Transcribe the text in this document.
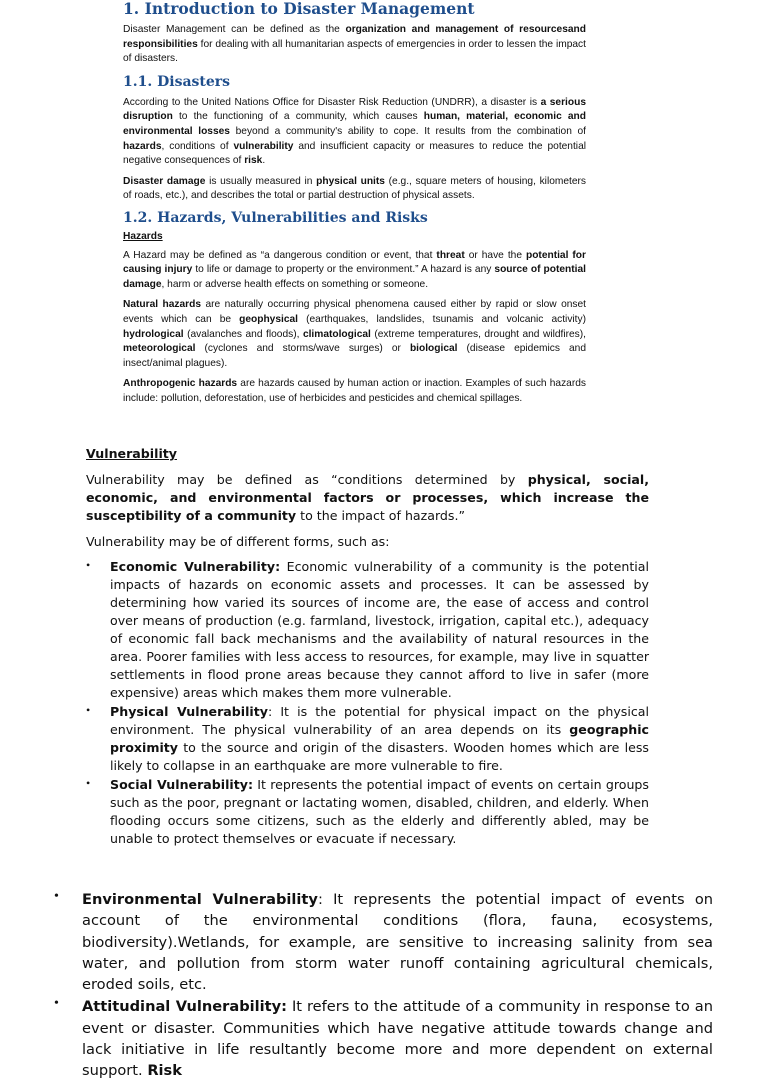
1. Introduction to Disaster Management

Disaster Management can be defined as the organization and management of resourcesand responsibilities for dealing with all humanitarian aspects of emergencies in order to lessen the impact of disasters.

1.1. Disasters

According to the United Nations Office for Disaster Risk Reduction (UNDRR), a disaster is a serious disruption to the functioning of a community, which causes human, material, economic and environmental losses beyond a community's ability to cope. It results from the combination of hazards, conditions of vulnerability and insufficient capacity or measures to reduce the potential negative consequences of risk.

Disaster damage is usually measured in physical units (e.g., square meters of housing, kilometers of roads, etc.), and describes the total or partial destruction of physical assets.

1.2. Hazards, Vulnerabilities and Risks

Hazards

A Hazard may be defined as “a dangerous condition or event, that threat or have the potential for causing injury to life or damage to property or the environment.” A hazard is any source of potential damage, harm or adverse health effects on something or someone.

Natural hazards are naturally occurring physical phenomena caused either by rapid or slow onset events which can be geophysical (earthquakes, landslides, tsunamis and volcanic activity) hydrological (avalanches and floods), climatological (extreme temperatures, drought and wildfires), meteorological (cyclones and storms/wave surges) or biological (disease epidemics and insect/animal plagues).

Anthropogenic hazards are hazards caused by human action or inaction. Examples of such hazards include: pollution, deforestation, use of herbicides and pesticides and chemical spillages.

Vulnerability

Vulnerability may be defined as “conditions determined by physical, social, economic, and environmental factors or processes, which increase the susceptibility of a community to the impact of hazards.”

Vulnerability may be of different forms, such as:

• Economic Vulnerability: Economic vulnerability of a community is the potential impacts of hazards on economic assets and processes. It can be assessed by determining how varied its sources of income are, the ease of access and control over means of production (e.g. farmland, livestock, irrigation, capital etc.), adequacy of economic fall back mechanisms and the availability of natural resources in the area. Poorer families with less access to resources, for example, may live in squatter settlements in flood prone areas because they cannot afford to live in safer (more expensive) areas which makes them more vulnerable.

• Physical Vulnerability: It is the potential for physical impact on the physical environment. The physical vulnerability of an area depends on its geographic proximity to the source and origin of the disasters. Wooden homes which are less likely to collapse in an earthquake are more vulnerable to fire.

• Social Vulnerability: It represents the potential impact of events on certain groups such as the poor, pregnant or lactating women, disabled, children, and elderly. When flooding occurs some citizens, such as the elderly and differently abled, may be unable to protect themselves or evacuate if necessary.

• Environmental Vulnerability: It represents the potential impact of events on account of the environmental conditions (flora, fauna, ecosystems, biodiversity).Wetlands, for example, are sensitive to increasing salinity from sea water, and pollution from storm water runoff containing agricultural chemicals, eroded soils, etc.

• Attitudinal Vulnerability: It refers to the attitude of a community in response to an event or disaster. Communities which have negative attitude towards change and lack initiative in life resultantly become more and more dependent on external support. Risk
